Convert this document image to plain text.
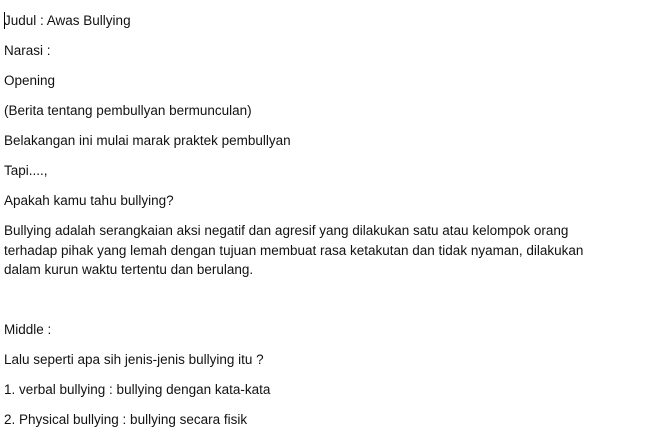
Judul : Awas Bullying
Narasi :
Opening
(Berita tentang pembullyan bermunculan)
Belakangan ini mulai marak praktek pembullyan
Tapi....,
Apakah kamu tahu bullying?
Bullying adalah serangkaian aksi negatif dan agresif yang dilakukan satu atau kelompok orang terhadap pihak yang lemah dengan tujuan membuat rasa ketakutan dan tidak nyaman, dilakukan dalam kurun waktu tertentu dan berulang.
Middle :
Lalu seperti apa sih jenis-jenis bullying itu ?
1. verbal bullying : bullying dengan kata-kata
2. Physical bullying : bullying secara fisik
